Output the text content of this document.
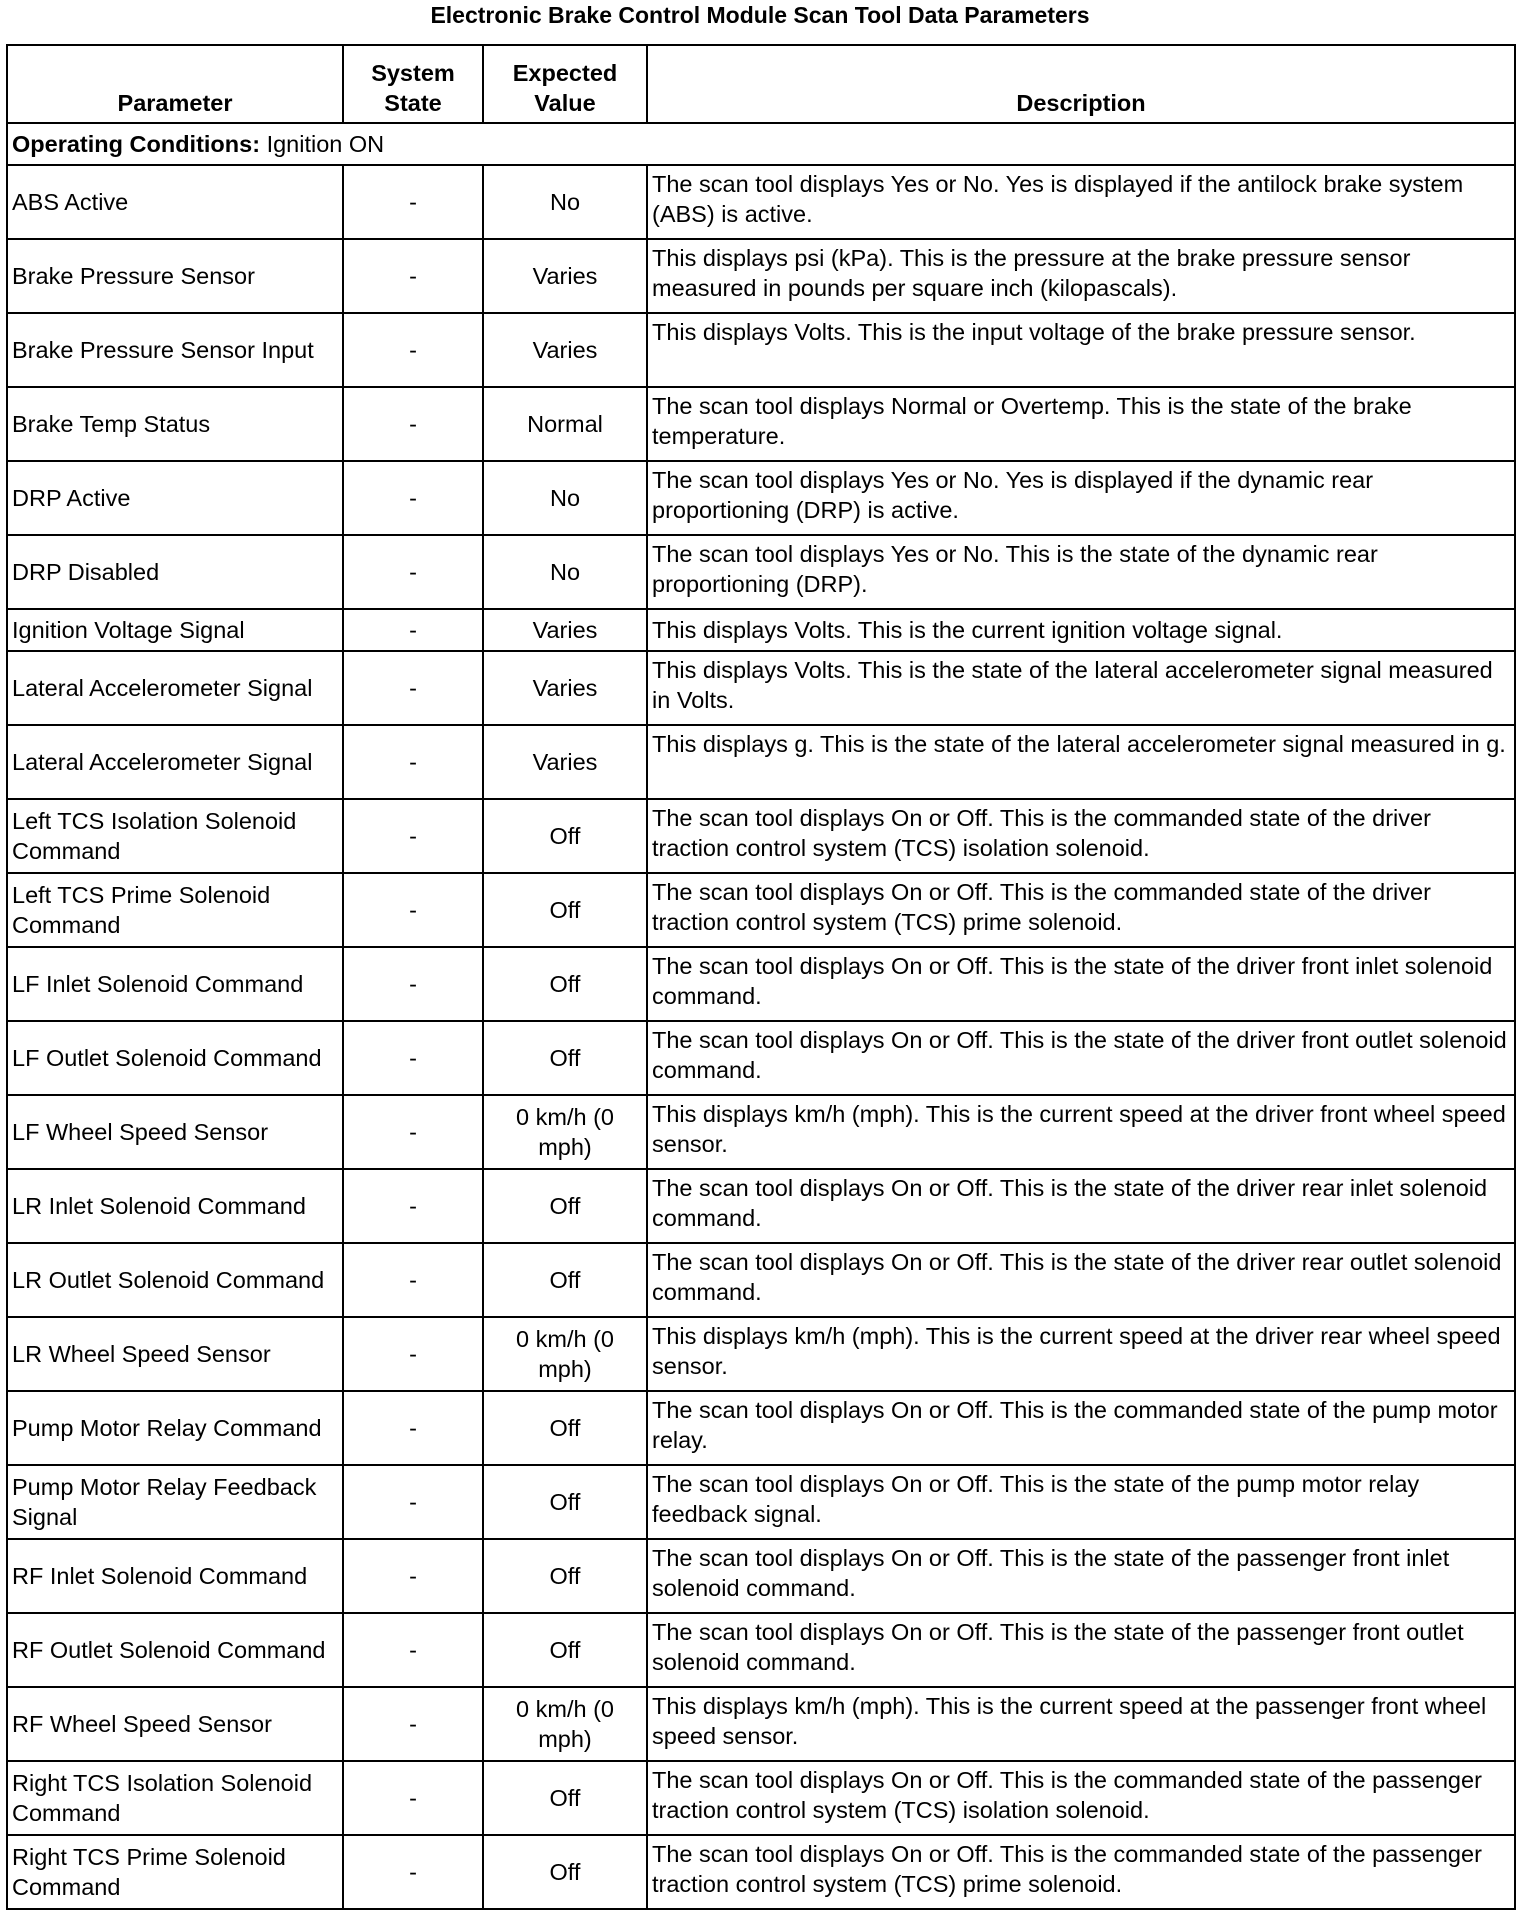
Electronic Brake Control Module Scan Tool Data Parameters
Parameter	System State	Expected Value	Description
Operating Conditions: Ignition ON			
ABS Active	-	No	The scan tool displays Yes or No. Yes is displayed if the antilock brake system (ABS) is active.
Brake Pressure Sensor	-	Varies	This displays psi (kPa). This is the pressure at the brake pressure sensor measured in pounds per square inch (kilopascals).
Brake Pressure Sensor Input	-	Varies	This displays Volts. This is the input voltage of the brake pressure sensor.
Brake Temp Status	-	Normal	The scan tool displays Normal or Overtemp. This is the state of the brake temperature.
DRP Active	-	No	The scan tool displays Yes or No. Yes is displayed if the dynamic rear proportioning (DRP) is active.
DRP Disabled	-	No	The scan tool displays Yes or No. This is the state of the dynamic rear proportioning (DRP).
Ignition Voltage Signal	-	Varies	This displays Volts. This is the current ignition voltage signal.
Lateral Accelerometer Signal	-	Varies	This displays Volts. This is the state of the lateral accelerometer signal measured in Volts.
Lateral Accelerometer Signal	-	Varies	This displays g. This is the state of the lateral accelerometer signal measured in g.
Left TCS Isolation Solenoid Command	-	Off	The scan tool displays On or Off. This is the commanded state of the driver traction control system (TCS) isolation solenoid.
Left TCS Prime Solenoid Command	-	Off	The scan tool displays On or Off. This is the commanded state of the driver traction control system (TCS) prime solenoid.
LF Inlet Solenoid Command	-	Off	The scan tool displays On or Off. This is the state of the driver front inlet solenoid command.
LF Outlet Solenoid Command	-	Off	The scan tool displays On or Off. This is the state of the driver front outlet solenoid command.
LF Wheel Speed Sensor	-	0 km/h (0 mph)	This displays km/h (mph). This is the current speed at the driver front wheel speed sensor.
LR Inlet Solenoid Command	-	Off	The scan tool displays On or Off. This is the state of the driver rear inlet solenoid command.
LR Outlet Solenoid Command	-	Off	The scan tool displays On or Off. This is the state of the driver rear outlet solenoid command.
LR Wheel Speed Sensor	-	0 km/h (0 mph)	This displays km/h (mph). This is the current speed at the driver rear wheel speed sensor.
Pump Motor Relay Command	-	Off	The scan tool displays On or Off. This is the commanded state of the pump motor relay.
Pump Motor Relay Feedback Signal	-	Off	The scan tool displays On or Off. This is the state of the pump motor relay feedback signal.
RF Inlet Solenoid Command	-	Off	The scan tool displays On or Off. This is the state of the passenger front inlet solenoid command.
RF Outlet Solenoid Command	-	Off	The scan tool displays On or Off. This is the state of the passenger front outlet solenoid command.
RF Wheel Speed Sensor	-	0 km/h (0 mph)	This displays km/h (mph). This is the current speed at the passenger front wheel speed sensor.
Right TCS Isolation Solenoid Command	-	Off	The scan tool displays On or Off. This is the commanded state of the passenger traction control system (TCS) isolation solenoid.
Right TCS Prime Solenoid Command	-	Off	The scan tool displays On or Off. This is the commanded state of the passenger traction control system (TCS) prime solenoid.
